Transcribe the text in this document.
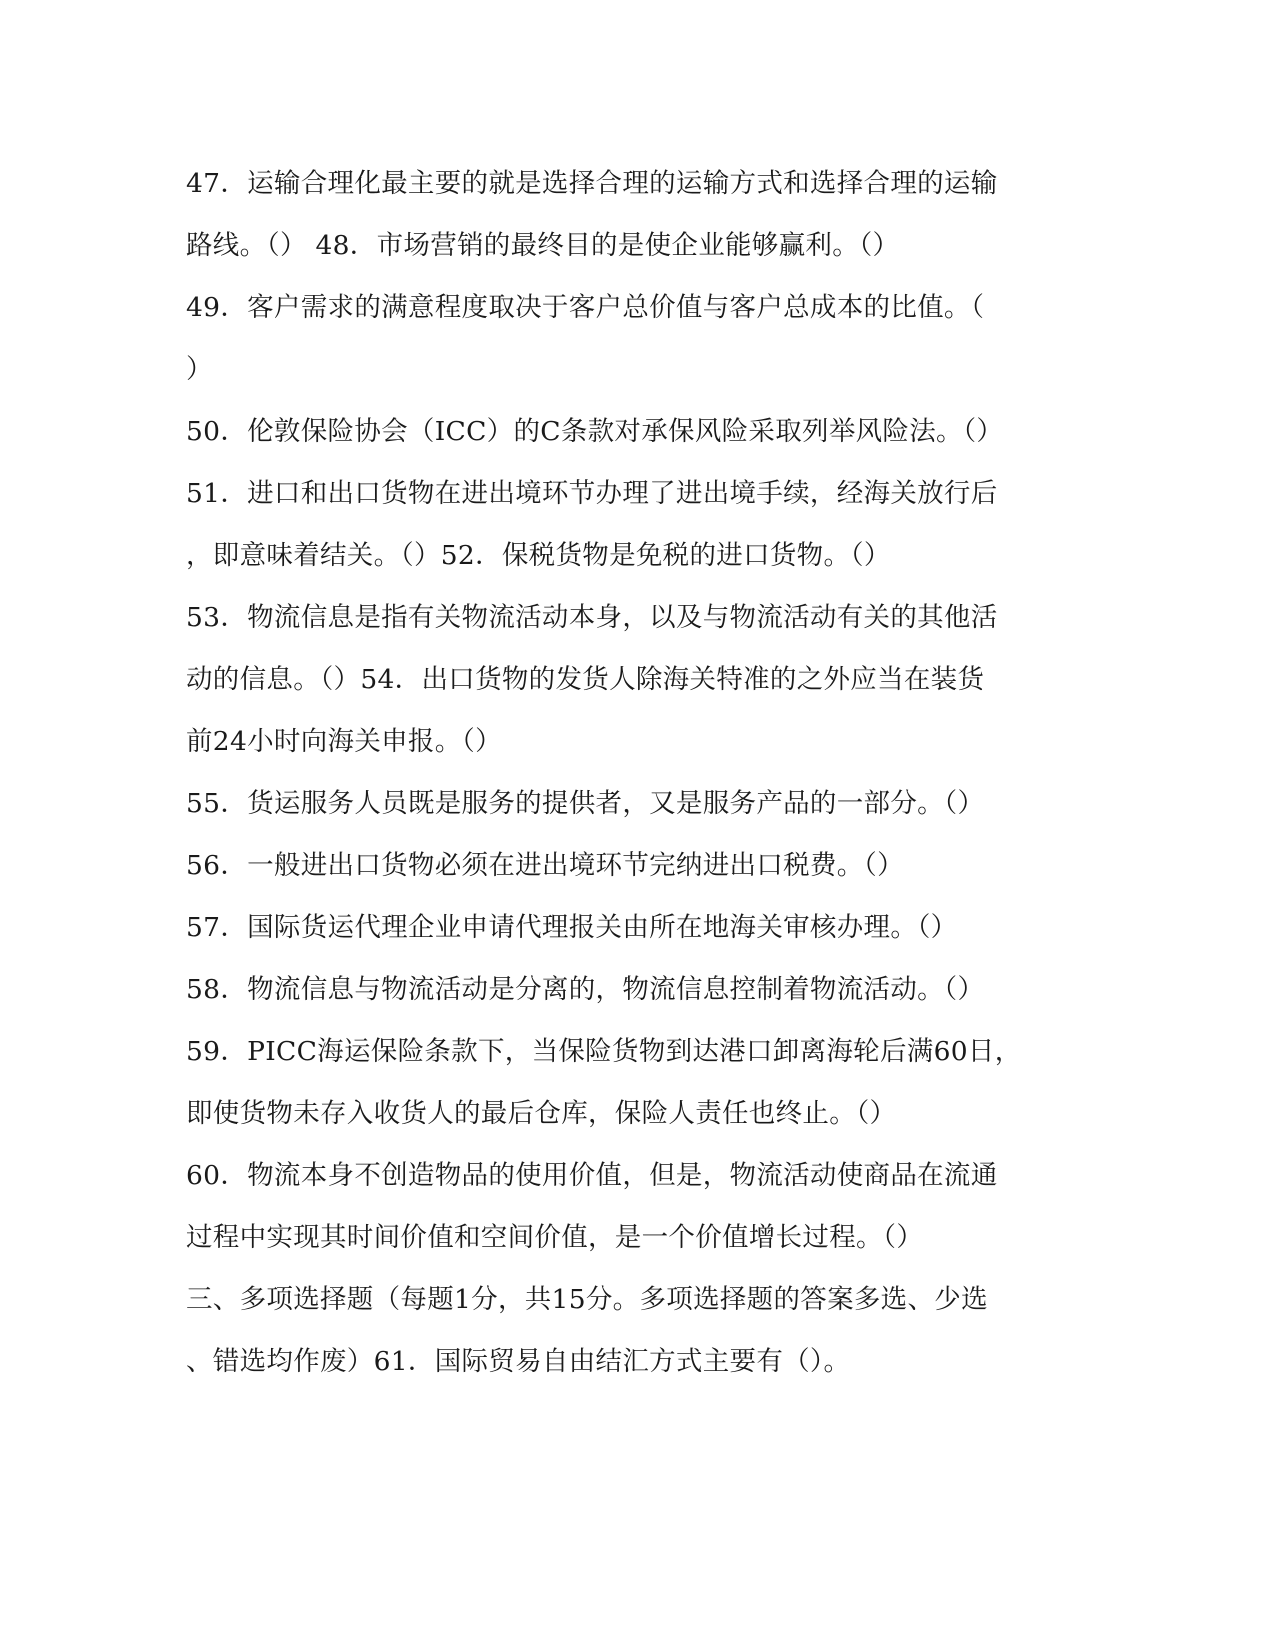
47．运输合理化最主要的就是选择合理的运输方式和选择合理的运输
路线。（） 48．市场营销的最终目的是使企业能够赢利。（）
49．客户需求的满意程度取决于客户总价值与客户总成本的比值。（
）
50．伦敦保险协会（ICC）的C条款对承保风险采取列举风险法。（）
51．进口和出口货物在进出境环节办理了进出境手续，经海关放行后
，即意味着结关。（）52．保税货物是免税的进口货物。（）
53．物流信息是指有关物流活动本身，以及与物流活动有关的其他活
动的信息。（）54．出口货物的发货人除海关特准的之外应当在装货
前24小时向海关申报。（）
55．货运服务人员既是服务的提供者，又是服务产品的一部分。（）
56．一般进出口货物必须在进出境环节完纳进出口税费。（）
57．国际货运代理企业申请代理报关由所在地海关审核办理。（）
58．物流信息与物流活动是分离的，物流信息控制着物流活动。（）
59．PICC海运保险条款下，当保险货物到达港口卸离海轮后满60日，
即使货物未存入收货人的最后仓库，保险人责任也终止。（）
60．物流本身不创造物品的使用价值，但是，物流活动使商品在流通
过程中实现其时间价值和空间价值，是一个价值增长过程。（）
三、多项选择题（每题1分，共15分。多项选择题的答案多选、少选
、错选均作废）61．国际贸易自由结汇方式主要有（）。
